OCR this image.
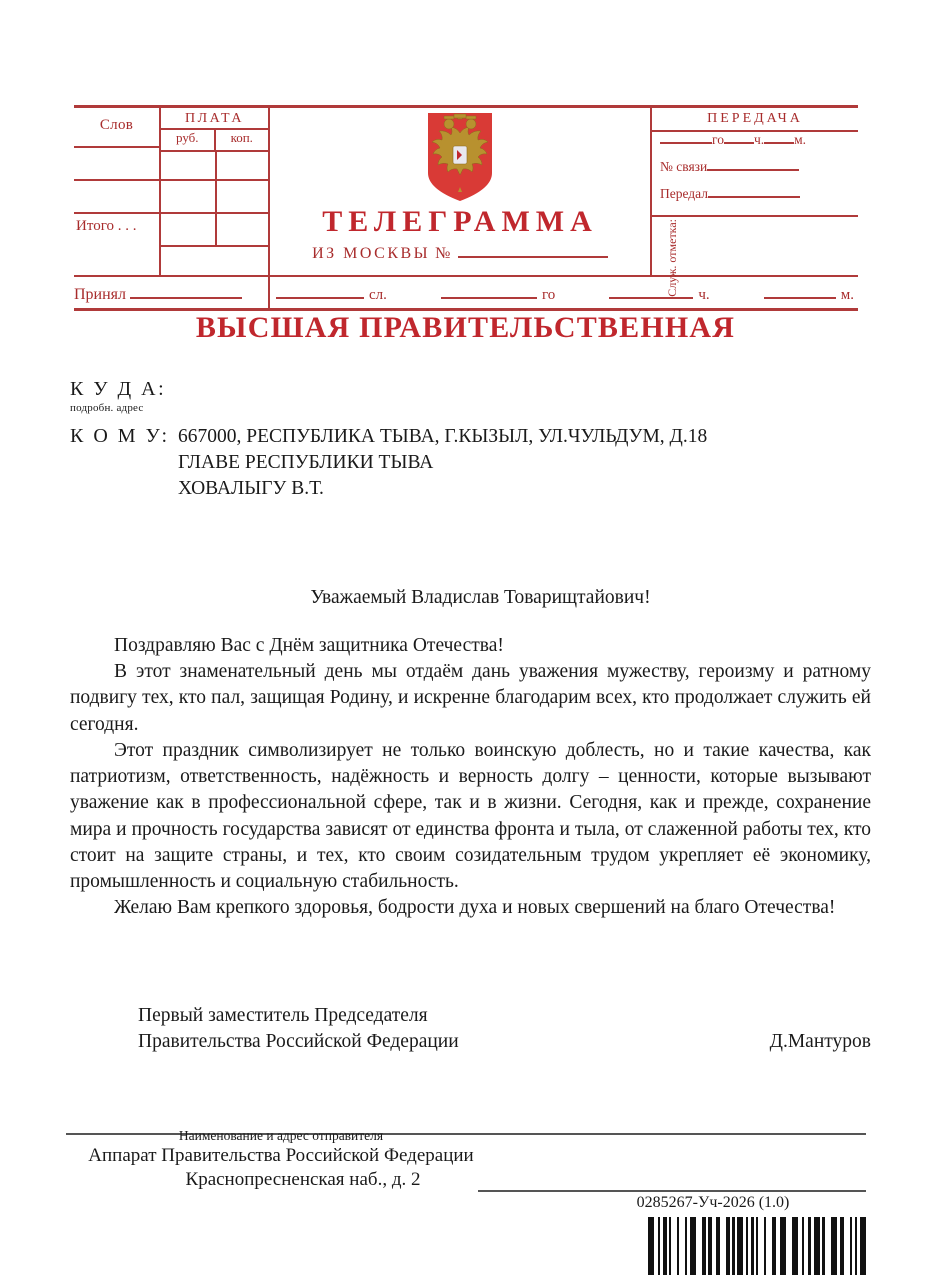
Слов
Итого . . .
ПЛАТА
руб.	коп.
ТЕЛЕГРАММА
ИЗ МОСКВЫ №
ПЕРЕДАЧА
го ч. м.
№ связи

Передал

Служ. отметка:
Принял	сл.	го	ч.	м.
ВЫСШАЯ ПРАВИТЕЛЬСТВЕННАЯ
К У Д А:
подробн. адрес
К О М У: 667000, РЕСПУБЛИКА ТЫВА, Г.КЫЗЫЛ, УЛ.ЧУЛЬДУМ, Д.18
ГЛАВЕ РЕСПУБЛИКИ ТЫВА
ХОВАЛЫГУ В.Т.
Уважаемый Владислав Товарищтайович!

Поздравляю Вас с Днём защитника Отечества!

В этот знаменательный день мы отдаём дань уважения мужеству, героизму и ратному подвигу тех, кто пал, защищая Родину, и искренне благодарим всех, кто продолжает служить ей сегодня.

Этот праздник символизирует не только воинскую доблесть, но и такие качества, как патриотизм, ответственность, надёжность и верность долгу – ценности, которые вызывают уважение как в профессиональной сфере, так и в жизни. Сегодня, как и прежде, сохранение мира и прочность государства зависят от единства фронта и тыла, от слаженной работы тех, кто стоит на защите страны, и тех, кто своим созидательным трудом укрепляет её экономику, промышленность и социальную стабильность.

Желаю Вам крепкого здоровья, бодрости духа и новых свершений на благо Отечества!

Первый заместитель Председателя
Правительства Российской Федерации	Д.Мантуров
Наименование и адрес отправителя
Аппарат Правительства Российской Федерации
Краснопресненская наб., д. 2
0285267-Уч-2026 (1.0)
